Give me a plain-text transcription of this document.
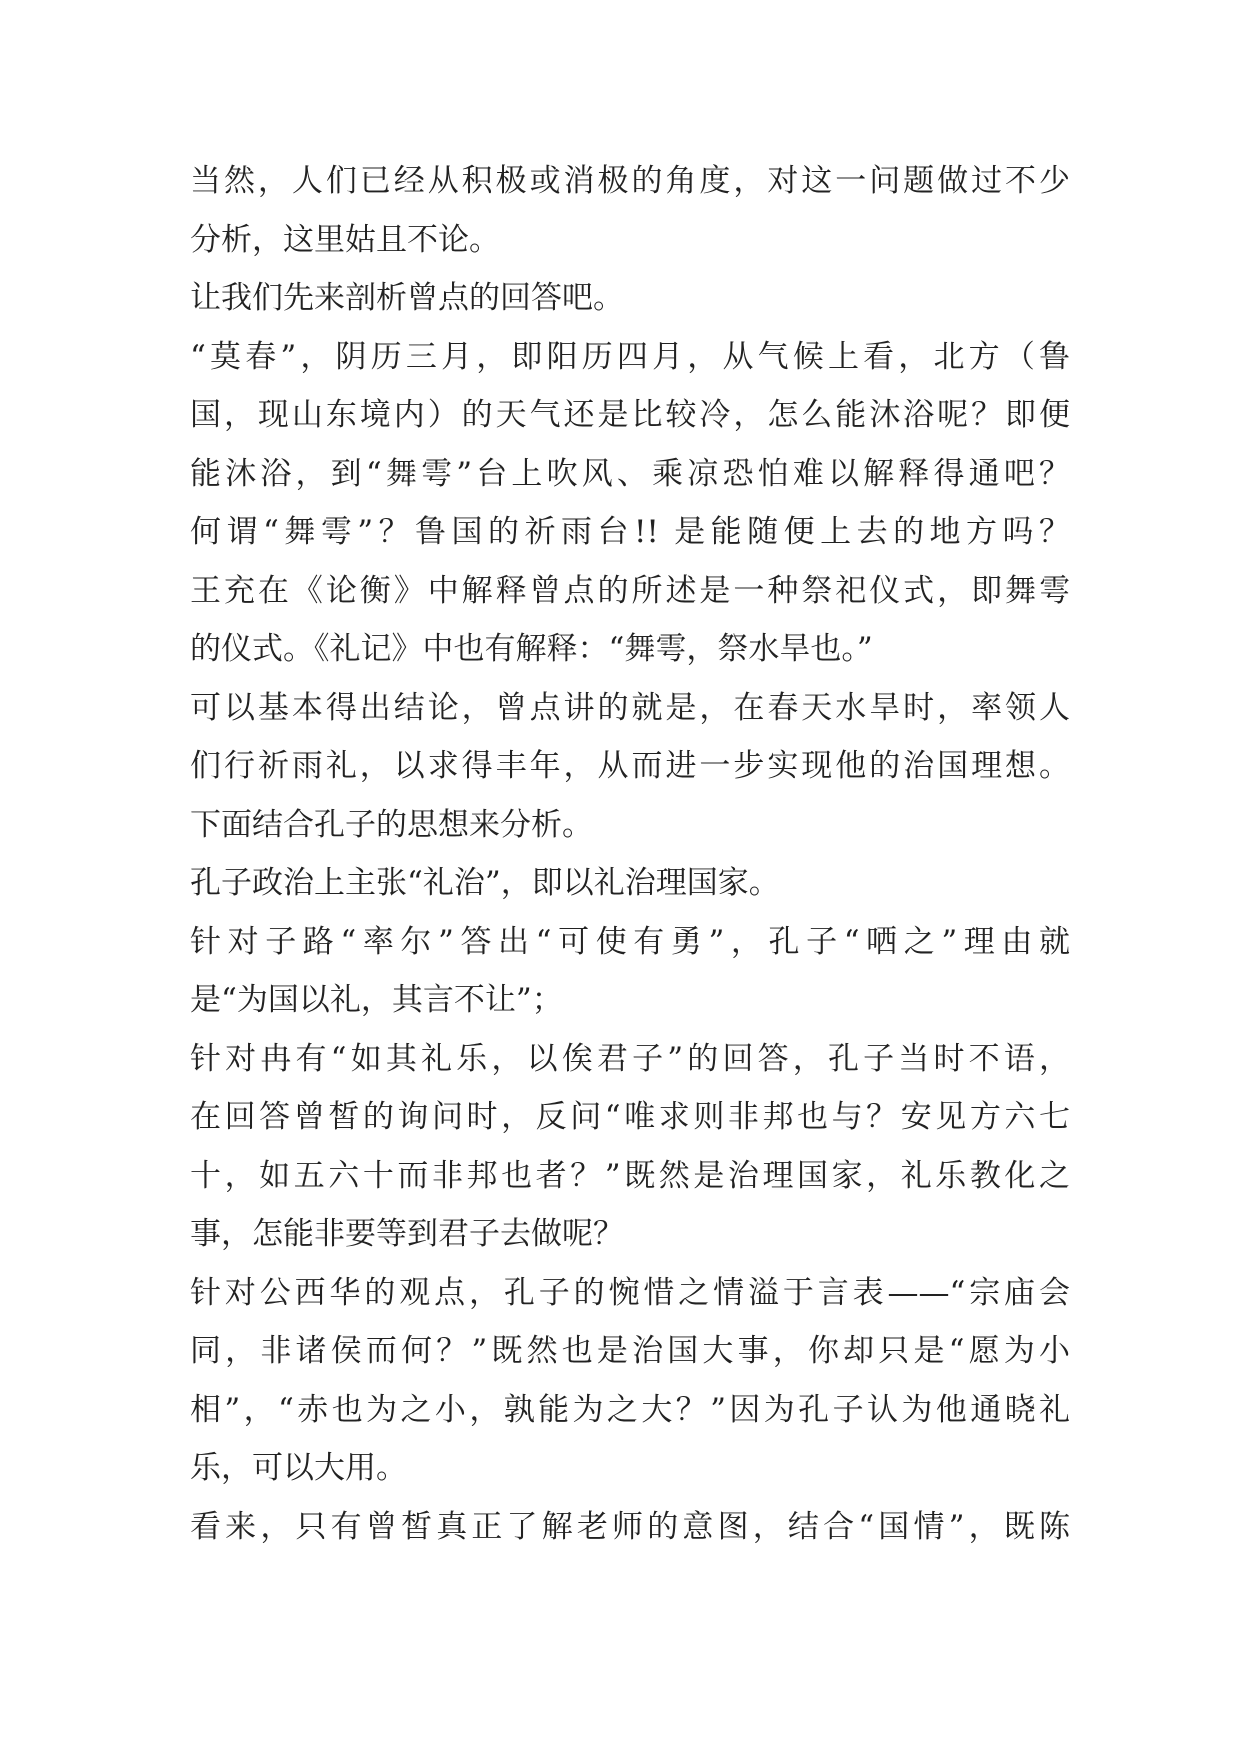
当然，人们已经从积极或消极的角度，对这一问题做过不少
分析，这里姑且不论。
让我们先来剖析曾点的回答吧。
“莫春”，阴历三月，即阳历四月，从气候上看，北方（鲁
国，现山东境内）的天气还是比较冷，怎么能沐浴呢？即便
能沐浴，到“舞雩”台上吹风、乘凉恐怕难以解释得通吧？
何谓“舞雩”？鲁国的祈雨台!! 是能随便上去的地方吗？
王充在《论衡》中解释曾点的所述是一种祭祀仪式，即舞雩
的仪式。《礼记》中也有解释：“舞雩，祭水旱也。”
可以基本得出结论，曾点讲的就是，在春天水旱时，率领人
们行祈雨礼，以求得丰年，从而进一步实现他的治国理想。
下面结合孔子的思想来分析。
孔子政治上主张“礼治”，即以礼治理国家。
针对子路“率尔”答出“可使有勇”，孔子“哂之”理由就
是“为国以礼，其言不让”；
针对冉有“如其礼乐，以俟君子”的回答，孔子当时不语，
在回答曾皙的询问时，反问“唯求则非邦也与？安见方六七
十，如五六十而非邦也者？”既然是治理国家，礼乐教化之
事，怎能非要等到君子去做呢？
针对公西华的观点，孔子的惋惜之情溢于言表——“宗庙会
同，非诸侯而何？”既然也是治国大事，你却只是“愿为小
相”，“赤也为之小，孰能为之大？”因为孔子认为他通晓礼
乐，可以大用。
看来，只有曾皙真正了解老师的意图，结合“国情”，既陈
